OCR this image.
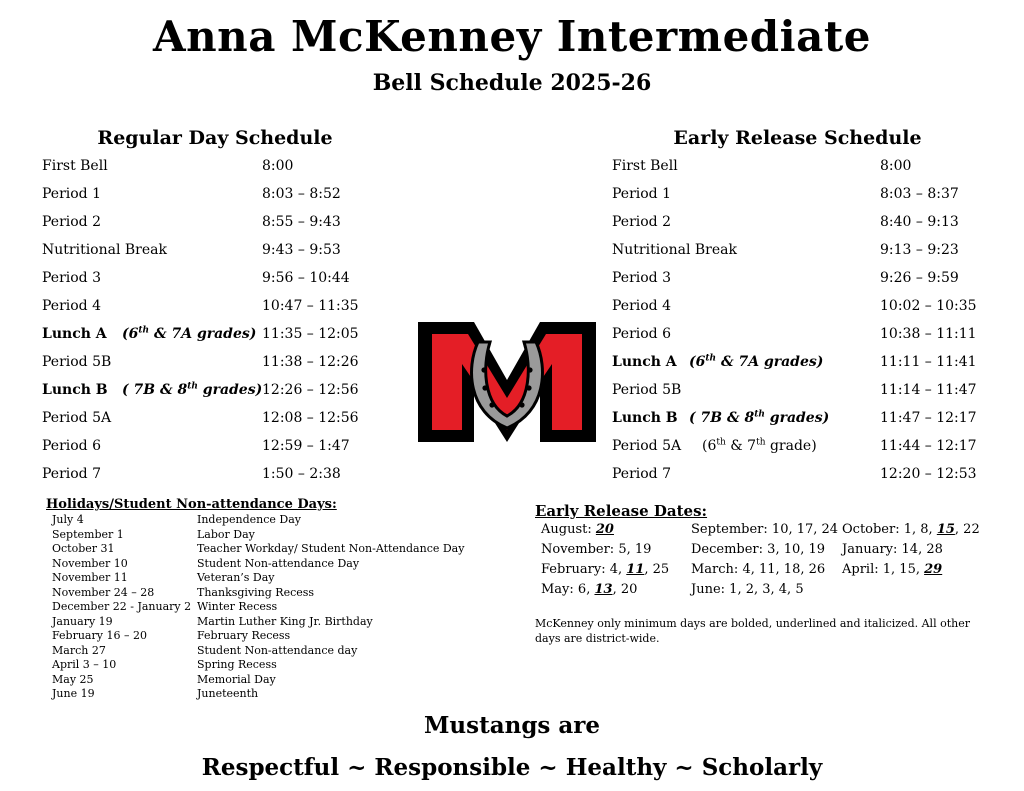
Anna McKenney Intermediate
Bell Schedule 2025-26
Regular Day Schedule
First Bell	8:00
Period 1	8:03 – 8:52
Period 2	8:55 – 9:43
Nutritional Break	9:43 – 9:53
Period 3	9:56 – 10:44
Period 4	10:47 – 11:35
Lunch A (6th & 7A grades) 11:35 – 12:05
Period 5B	11:38 – 12:26
Lunch B ( 7B & 8th grades) 12:26 – 12:56
Period 5A	12:08 – 12:56
Period 6	12:59 – 1:47
Period 7	1:50 – 2:38
Early Release Schedule
First Bell	8:00
Period 1	8:03 – 8:37
Period 2	8:40 – 9:13
Nutritional Break	9:13 – 9:23
Period 3	9:26 – 9:59
Period 4	10:02 – 10:35
Period 6	10:38 – 11:11
Lunch A (6th & 7A grades)	11:11 – 11:41
Period 5B	11:14 – 11:47
Lunch B ( 7B & 8th grades)	11:47 – 12:17
Period 5A (6th & 7th grade)	11:44 – 12:17
Period 7	12:20 – 12:53
Holidays/Student Non-attendance Days:
July 4	Independence Day
September 1	Labor Day
October 31	Teacher Workday/ Student Non-Attendance Day
November 10	Student Non-attendance Day
November 11	Veteran’s Day
November 24 – 28	Thanksgiving Recess
December 22 - January 2 Winter Recess
January 19	Martin Luther King Jr. Birthday
February 16 – 20	February Recess
March 27	Student Non-attendance day
April 3 – 10	Spring Recess
May 25	Memorial Day
June 19	Juneteenth
Early Release Dates:
August: 20	September: 10, 17, 24 October: 1, 8, 15, 22
November: 5, 19	December: 3, 10, 19 January: 14, 28
February: 4, 11, 25 March: 4, 11, 18, 26 April: 1, 15, 29
May: 6, 13, 20	June: 1, 2, 3, 4, 5
McKenney only minimum days are bolded, underlined and italicized. All other days are district-wide.
Mustangs are
Respectful ~ Responsible ~ Healthy ~ Scholarly
